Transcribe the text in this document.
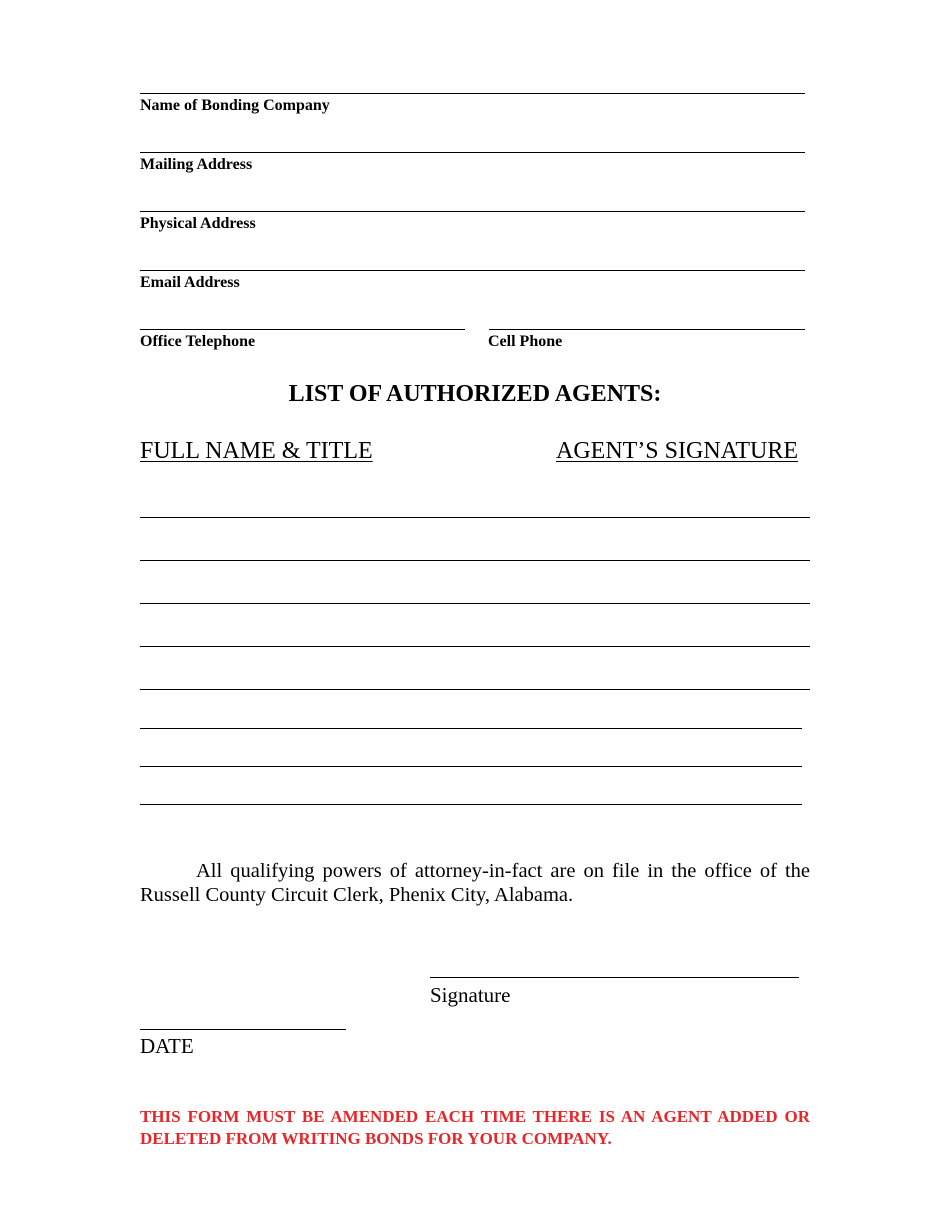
Name of Bonding Company
Mailing Address
Physical Address
Email Address
Office Telephone	Cell Phone
LIST OF AUTHORIZED AGENTS:
FULL NAME & TITLE	AGENT’S SIGNATURE
All qualifying powers of attorney-in-fact are on file in the office of the Russell County Circuit Clerk, Phenix City, Alabama.
Signature
DATE
THIS FORM MUST BE AMENDED EACH TIME THERE IS AN AGENT ADDED OR DELETED FROM WRITING BONDS FOR YOUR COMPANY.
